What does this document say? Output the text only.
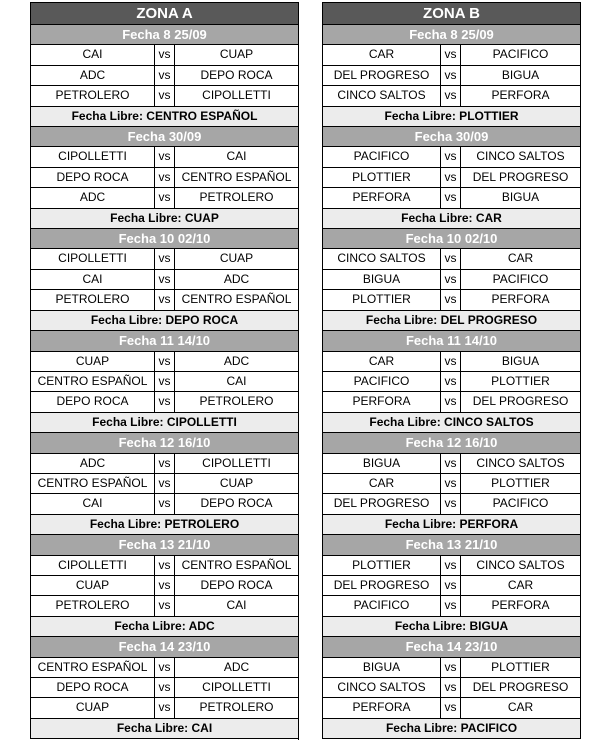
ZONA A		
Fecha 8 25/09		
CAI	vs	CUAP
ADC	vs	DEPO ROCA
PETROLERO	vs	CIPOLLETTI
Fecha Libre: CENTRO ESPAÑOL		
Fecha 30/09		
CIPOLLETTI	vs	CAI
DEPO ROCA	vs	CENTRO ESPAÑOL
ADC	vs	PETROLERO
Fecha Libre: CUAP		
Fecha 10 02/10		
CIPOLLETTI	vs	CUAP
CAI	vs	ADC
PETROLERO	vs	CENTRO ESPAÑOL
Fecha Libre: DEPO ROCA		
Fecha 11 14/10		
CUAP	vs	ADC
CENTRO ESPAÑOL	vs	CAI
DEPO ROCA	vs	PETROLERO
Fecha Libre: CIPOLLETTI		
Fecha 12 16/10		
ADC	vs	CIPOLLETTI
CENTRO ESPAÑOL	vs	CUAP
CAI	vs	DEPO ROCA
Fecha Libre: PETROLERO		
Fecha 13 21/10		
CIPOLLETTI	vs	CENTRO ESPAÑOL
CUAP	vs	DEPO ROCA
PETROLERO	vs	CAI
Fecha Libre: ADC		
Fecha 14 23/10		
CENTRO ESPAÑOL	vs	ADC
DEPO ROCA	vs	CIPOLLETTI
CUAP	vs	PETROLERO
Fecha Libre: CAI		
ZONA B		
Fecha 8 25/09		
CAR	vs	PACIFICO
DEL PROGRESO	vs	BIGUA
CINCO SALTOS	vs	PERFORA
Fecha Libre: PLOTTIER		
Fecha 30/09		
PACIFICO	vs	CINCO SALTOS
PLOTTIER	vs	DEL PROGRESO
PERFORA	vs	BIGUA
Fecha Libre: CAR		
Fecha 10 02/10		
CINCO SALTOS	vs	CAR
BIGUA	vs	PACIFICO
PLOTTIER	vs	PERFORA
Fecha Libre: DEL PROGRESO		
Fecha 11 14/10		
CAR	vs	BIGUA
PACIFICO	vs	PLOTTIER
PERFORA	vs	DEL PROGRESO
Fecha Libre: CINCO SALTOS		
Fecha 12 16/10		
BIGUA	vs	CINCO SALTOS
CAR	vs	PLOTTIER
DEL PROGRESO	vs	PACIFICO
Fecha Libre: PERFORA		
Fecha 13 21/10		
PLOTTIER	vs	CINCO SALTOS
DEL PROGRESO	vs	CAR
PACIFICO	vs	PERFORA
Fecha Libre: BIGUA		
Fecha 14 23/10		
BIGUA	vs	PLOTTIER
CINCO SALTOS	vs	DEL PROGRESO
PERFORA	vs	CAR
Fecha Libre: PACIFICO		
